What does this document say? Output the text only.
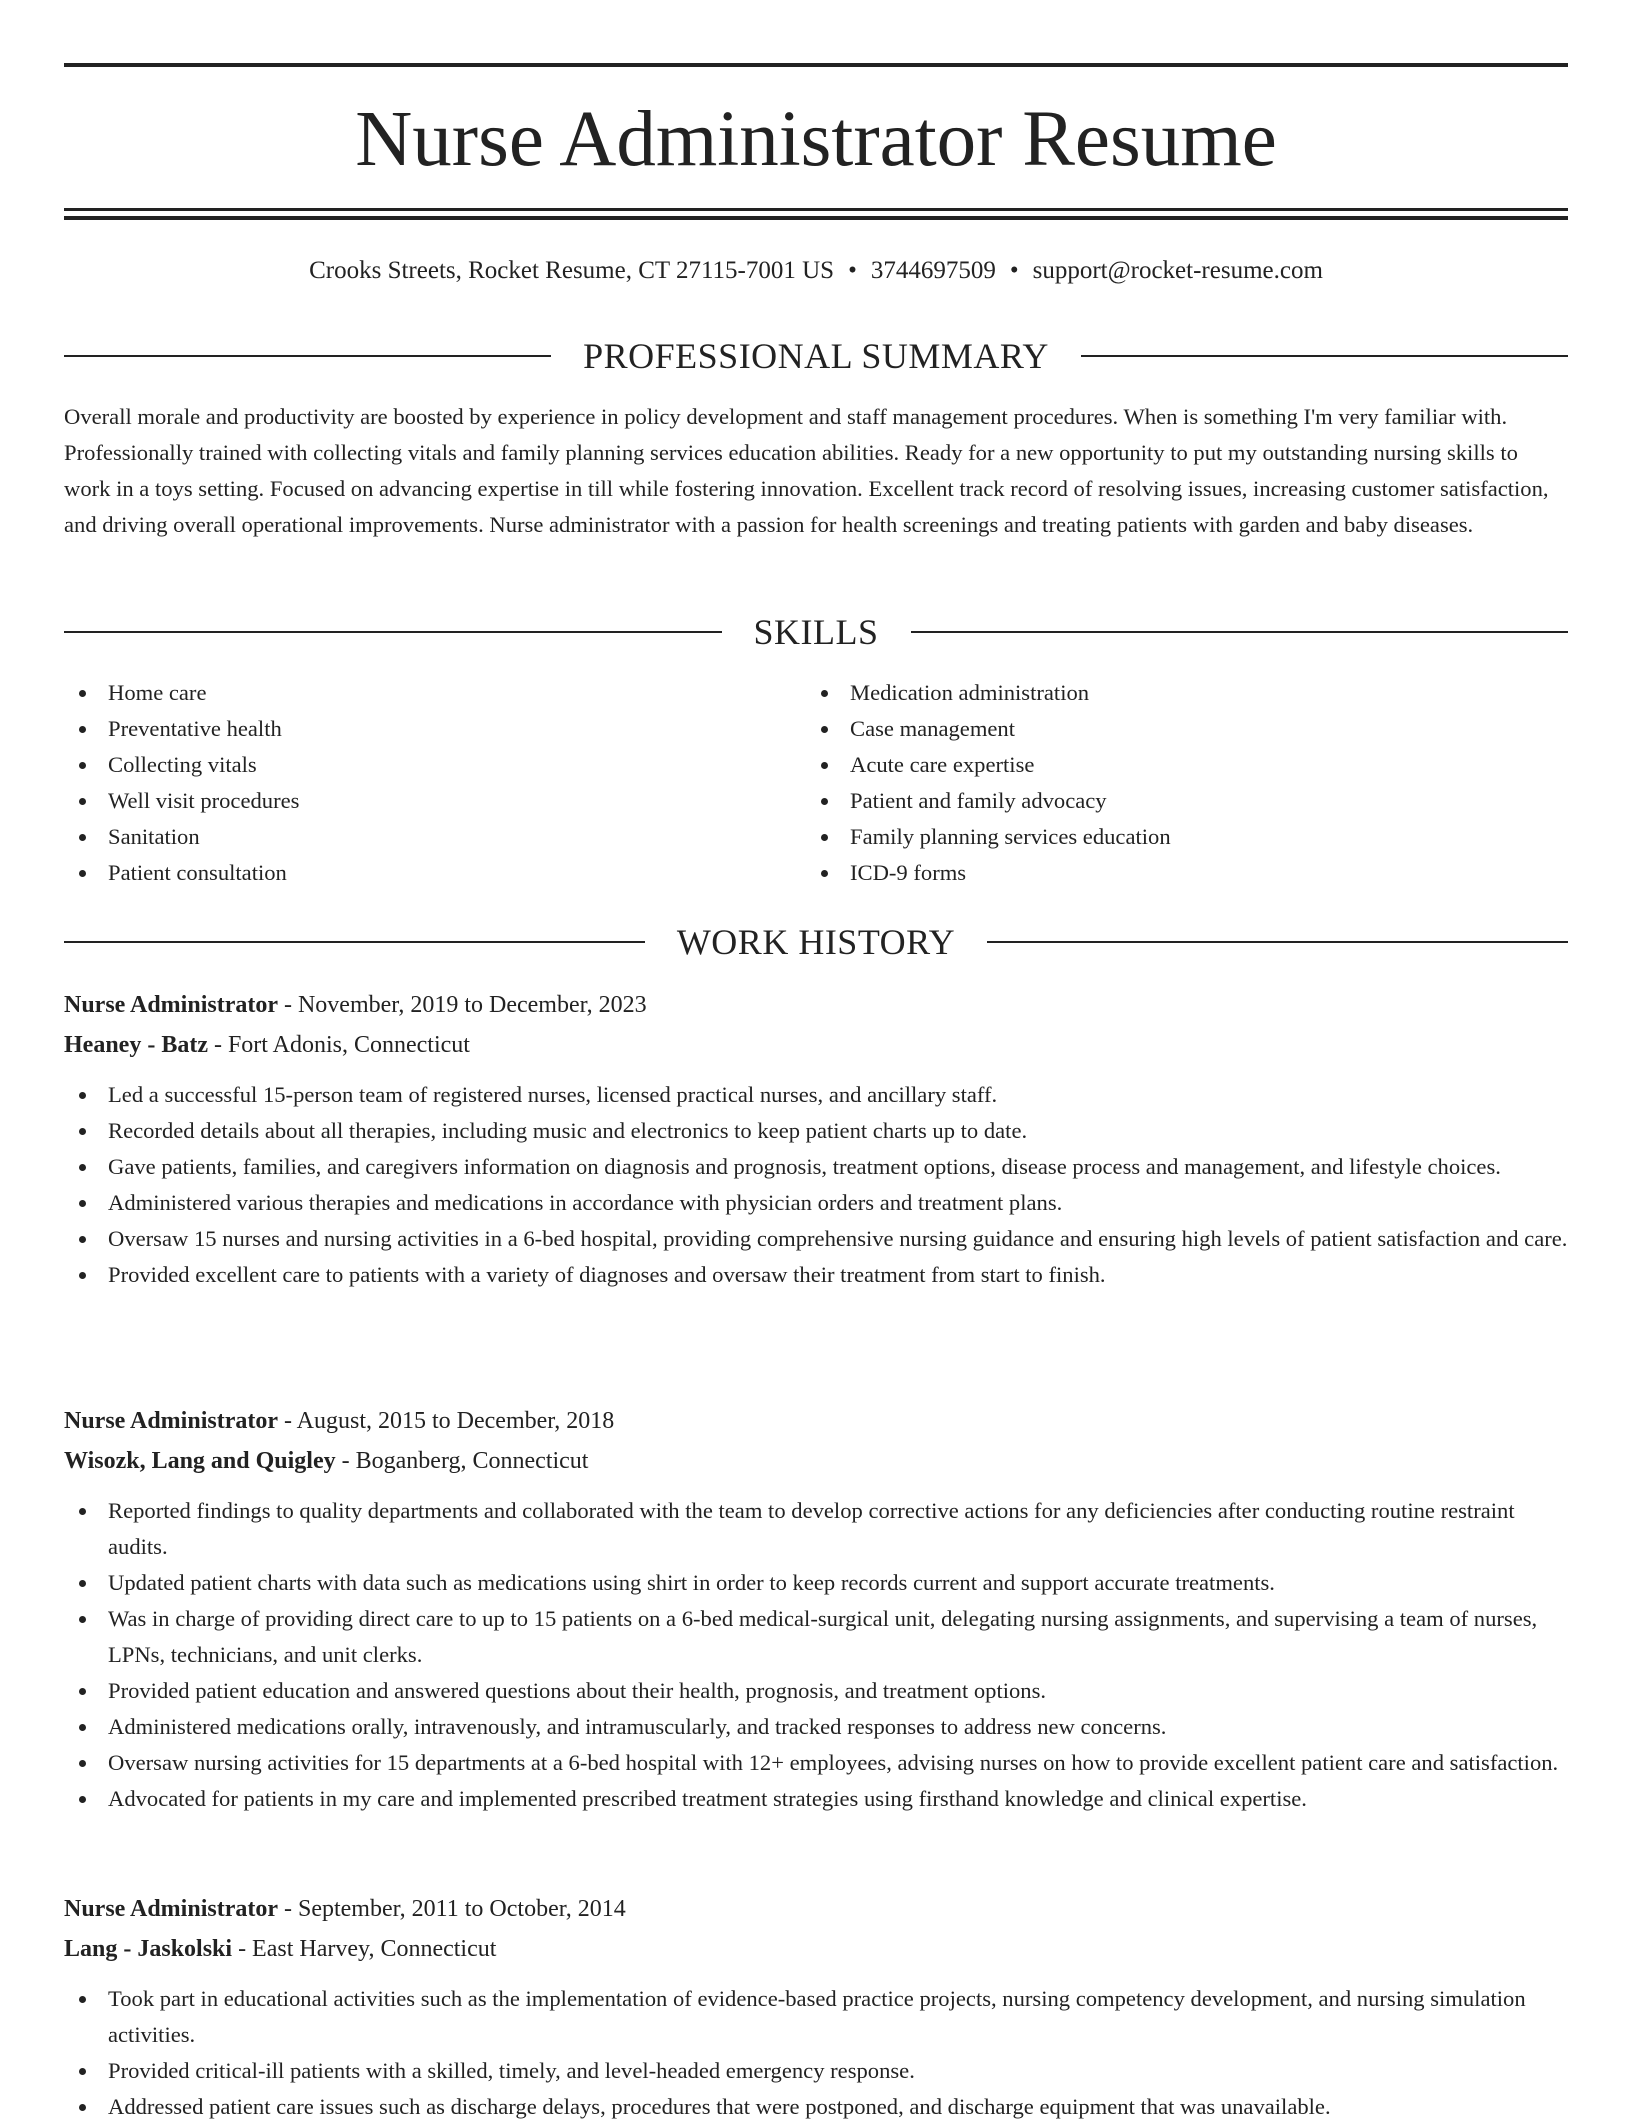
Nurse Administrator Resume
Crooks Streets, Rocket Resume, CT 27115-7001 US • 3744697509 • support@rocket-resume.com
PROFESSIONAL SUMMARY

Overall morale and productivity are boosted by experience in policy development and staff management procedures. When is something I'm very familiar with. Professionally trained with collecting vitals and family planning services education abilities. Ready for a new opportunity to put my outstanding nursing skills to work in a toys setting. Focused on advancing expertise in till while fostering innovation. Excellent track record of resolving issues, increasing customer satisfaction, and driving overall operational improvements. Nurse administrator with a passion for health screenings and treating patients with garden and baby diseases.

SKILLS
Home care
Preventative health
Collecting vitals
Well visit procedures
Sanitation
Patient consultation
Medication administration
Case management
Acute care expertise
Patient and family advocacy
Family planning services education
ICD-9 forms
WORK HISTORY
Nurse Administrator - November, 2019 to December, 2023
Heaney - Batz - Fort Adonis, Connecticut
Led a successful 15-person team of registered nurses, licensed practical nurses, and ancillary staff.
Recorded details about all therapies, including music and electronics to keep patient charts up to date.
Gave patients, families, and caregivers information on diagnosis and prognosis, treatment options, disease process and management, and lifestyle choices.
Administered various therapies and medications in accordance with physician orders and treatment plans.
Oversaw 15 nurses and nursing activities in a 6-bed hospital, providing comprehensive nursing guidance and ensuring high levels of patient satisfaction and care.
Provided excellent care to patients with a variety of diagnoses and oversaw their treatment from start to finish.
Nurse Administrator - August, 2015 to December, 2018
Wisozk, Lang and Quigley - Boganberg, Connecticut
Reported findings to quality departments and collaborated with the team to develop corrective actions for any deficiencies after conducting routine restraint audits.
Updated patient charts with data such as medications using shirt in order to keep records current and support accurate treatments.
Was in charge of providing direct care to up to 15 patients on a 6-bed medical-surgical unit, delegating nursing assignments, and supervising a team of nurses, LPNs, technicians, and unit clerks.
Provided patient education and answered questions about their health, prognosis, and treatment options.
Administered medications orally, intravenously, and intramuscularly, and tracked responses to address new concerns.
Oversaw nursing activities for 15 departments at a 6-bed hospital with 12+ employees, advising nurses on how to provide excellent patient care and satisfaction.
Advocated for patients in my care and implemented prescribed treatment strategies using firsthand knowledge and clinical expertise.
Nurse Administrator - September, 2011 to October, 2014
Lang - Jaskolski - East Harvey, Connecticut
Took part in educational activities such as the implementation of evidence-based practice projects, nursing competency development, and nursing simulation activities.
Provided critical-ill patients with a skilled, timely, and level-headed emergency response.
Addressed patient care issues such as discharge delays, procedures that were postponed, and discharge equipment that was unavailable.
